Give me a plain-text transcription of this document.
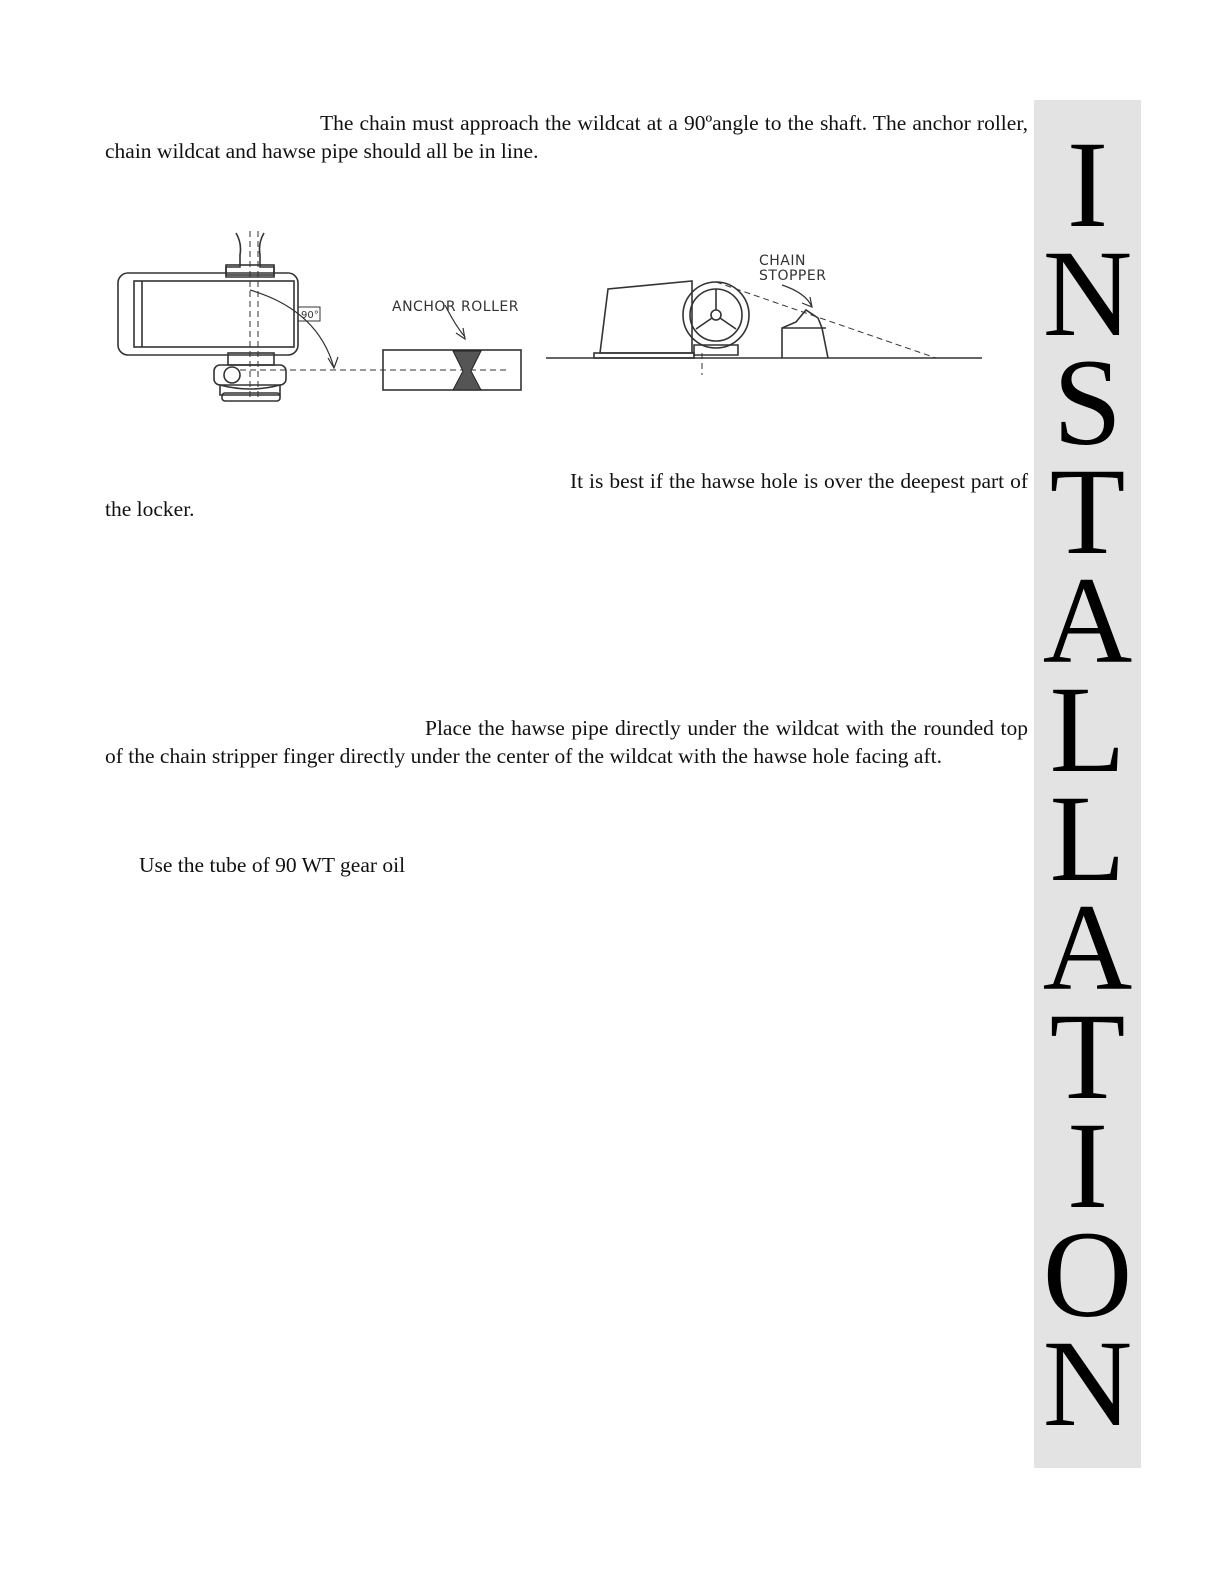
The chain must approach the wildcat at a 90ºangle to the shaft. The anchor roller, chain wildcat and hawse pipe should all be in line.
90°
ANCHOR ROLLER
CHAIN
STOPPER
It is best if the hawse hole is over the deepest part of the locker.
Place the hawse pipe directly under the wildcat with the rounded top of the chain stripper finger directly under the center of the wildcat with the hawse hole facing aft.
Use the tube of 90 WT gear oil
I
N
S
T
A
L
L
A
T
I
O
N
